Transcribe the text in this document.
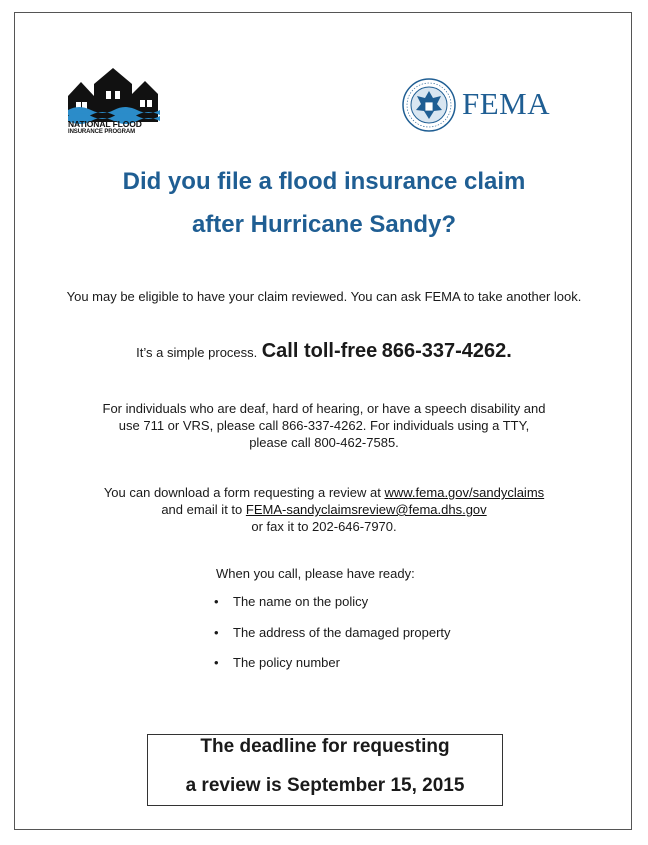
NATIONAL FLOOD
INSURANCE PROGRAM
FEMA
Did you file a flood insurance claim
after Hurricane Sandy?
You may be eligible to have your claim reviewed. You can ask FEMA to take another look.
It’s a simple process. Call toll-free 866-337-4262.
For individuals who are deaf, hard of hearing, or have a speech disability and
use 711 or VRS, please call 866-337-4262. For individuals using a TTY,
please call 800-462-7585.
You can download a form requesting a review at www.fema.gov/sandyclaims
and email it to FEMA-sandyclaimsreview@fema.dhs.gov
or fax it to 202-646-7970.
When you call, please have ready:
• The name on the policy
• The address of the damaged property
• The policy number
The deadline for requesting
a review is September 15, 2015
